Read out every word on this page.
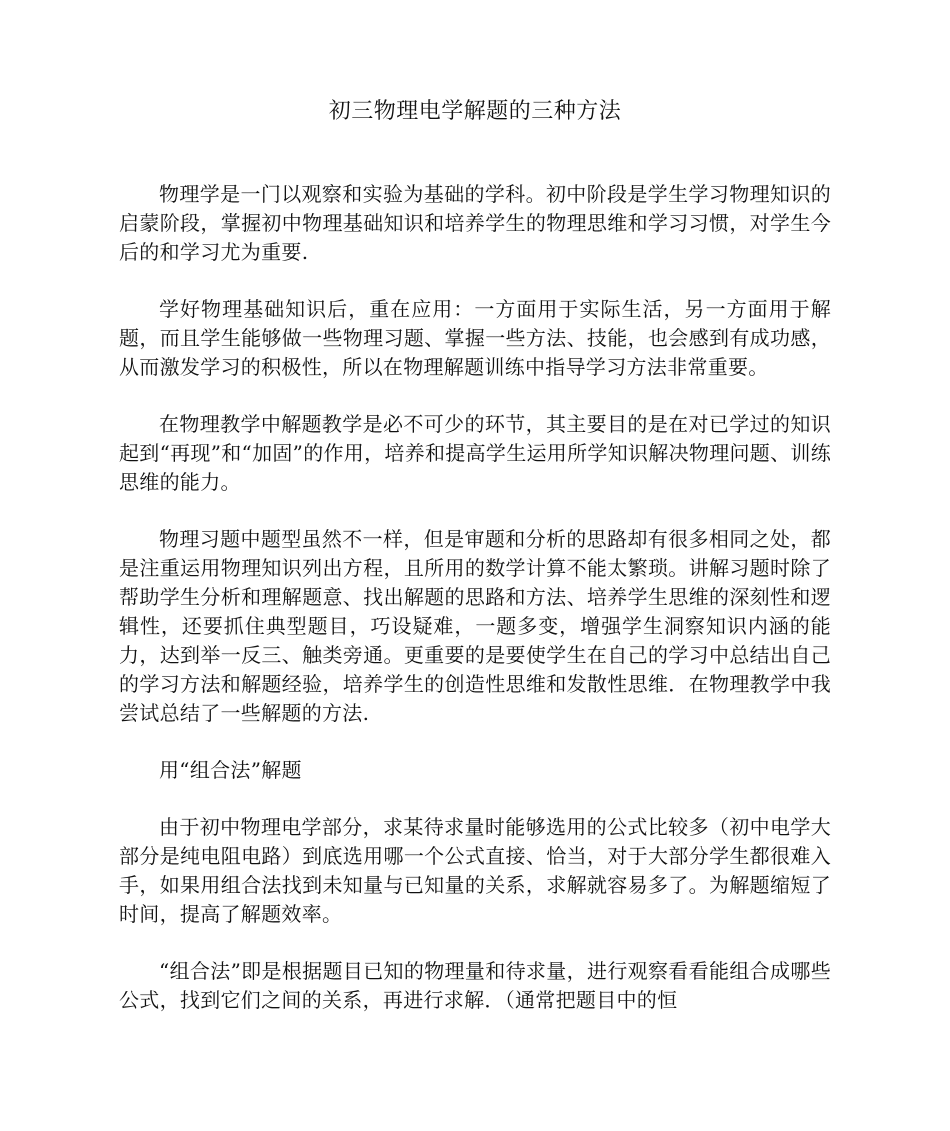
初三物理电学解题的三种方法

物理学是一门以观察和实验为基础的学科。初中阶段是学生学习物理知识的启蒙阶段，掌握初中物理基础知识和培养学生的物理思维和学习习惯，对学生今后的和学习尤为重要.

学好物理基础知识后，重在应用：一方面用于实际生活，另一方面用于解题，而且学生能够做一些物理习题、掌握一些方法、技能，也会感到有成功感，从而激发学习的积极性，所以在物理解题训练中指导学习方法非常重要。

在物理教学中解题教学是必不可少的环节，其主要目的是在对已学过的知识起到“再现”和“加固”的作用，培养和提高学生运用所学知识解决物理问题、训练思维的能力。

物理习题中题型虽然不一样，但是审题和分析的思路却有很多相同之处，都是注重运用物理知识列出方程，且所用的数学计算不能太繁琐。讲解习题时除了帮助学生分析和理解题意、找出解题的思路和方法、培养学生思维的深刻性和逻辑性，还要抓住典型题目，巧设疑难，一题多变，增强学生洞察知识内涵的能力，达到举一反三、触类旁通。更重要的是要使学生在自己的学习中总结出自己的学习方法和解题经验，培养学生的创造性思维和发散性思维．在物理教学中我尝试总结了一些解题的方法.

用“组合法”解题

由于初中物理电学部分，求某待求量时能够选用的公式比较多（初中电学大部分是纯电阻电路）到底选用哪一个公式直接、恰当，对于大部分学生都很难入手，如果用组合法找到未知量与已知量的关系，求解就容易多了。为解题缩短了时间，提高了解题效率。

“组合法”即是根据题目已知的物理量和待求量，进行观察看看能组合成哪些公式，找到它们之间的关系，再进行求解．（通常把题目中的恒
